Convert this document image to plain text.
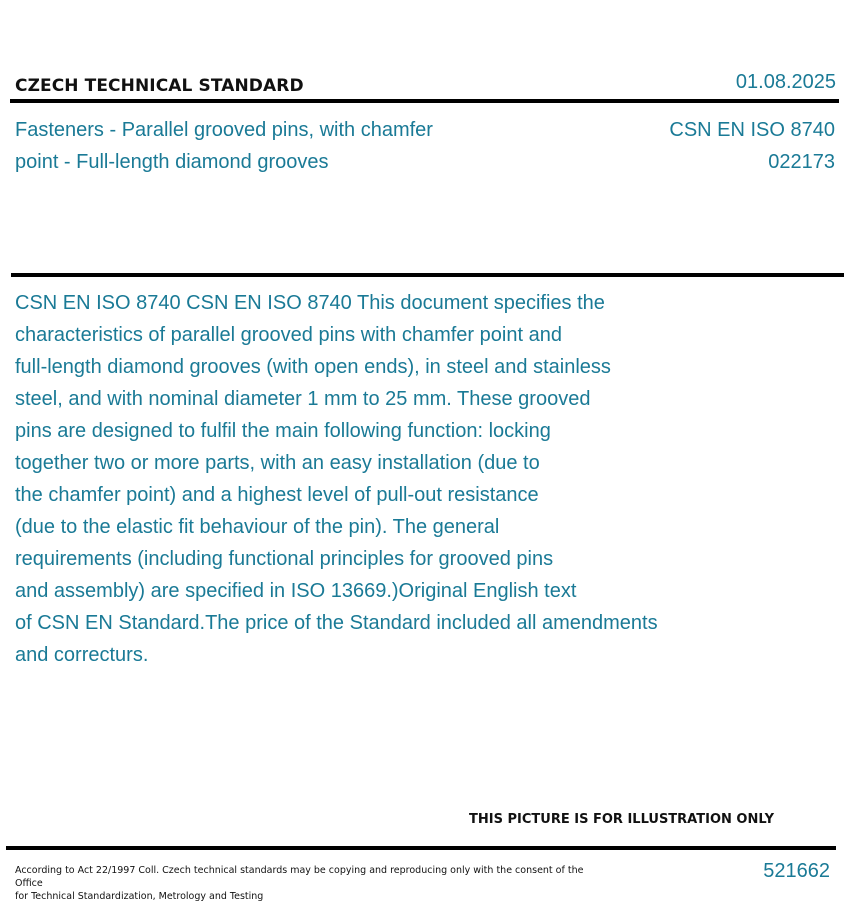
CZECH TECHNICAL STANDARD	01.08.2025
Fasteners - Parallel grooved pins, with chamfer
point - Full-length diamond grooves
CSN EN ISO 8740
022173
CSN EN ISO 8740 CSN EN ISO 8740 This document specifies the
characteristics of parallel grooved pins with chamfer point and
full-length diamond grooves (with open ends), in steel and stainless
steel, and with nominal diameter 1 mm to 25 mm. These grooved
pins are designed to fulfil the main following function: locking
together two or more parts, with an easy installation (due to
the chamfer point) and a highest level of pull-out resistance
(due to the elastic fit behaviour of the pin). The general
requirements (including functional principles for grooved pins
and assembly) are specified in ISO 13669.)Original English text
of CSN EN Standard.The price of the Standard included all amendments
and correcturs.
THIS PICTURE IS FOR ILLUSTRATION ONLY
According to Act 22/1997 Coll. Czech technical standards may be copying and reproducing only with the consent of the Office
for Technical Standardization, Metrology and Testing
521662
